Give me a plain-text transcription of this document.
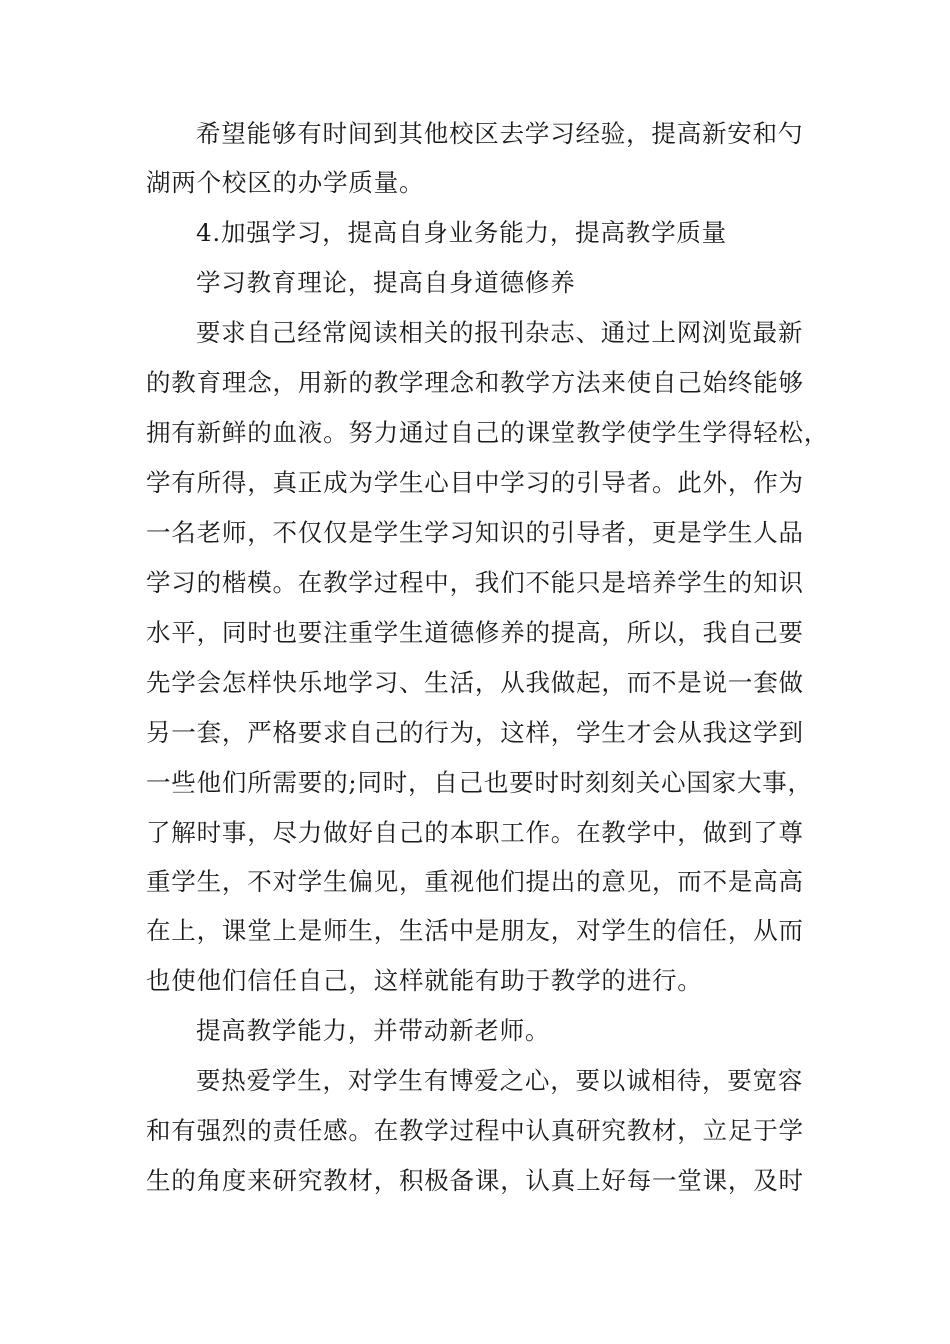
希望能够有时间到其他校区去学习经验，提高新安和勺
湖两个校区的办学质量。
4.加强学习，提高自身业务能力，提高教学质量
学习教育理论，提高自身道德修养
要求自己经常阅读相关的报刊杂志、通过上网浏览最新
的教育理念，用新的教学理念和教学方法来使自己始终能够
拥有新鲜的血液。努力通过自己的课堂教学使学生学得轻松，
学有所得，真正成为学生心目中学习的引导者。此外，作为
一名老师，不仅仅是学生学习知识的引导者，更是学生人品
学习的楷模。在教学过程中，我们不能只是培养学生的知识
水平，同时也要注重学生道德修养的提高，所以，我自己要
先学会怎样快乐地学习、生活，从我做起，而不是说一套做
另一套，严格要求自己的行为，这样，学生才会从我这学到
一些他们所需要的;同时，自己也要时时刻刻关心国家大事，
了解时事，尽力做好自己的本职工作。在教学中，做到了尊
重学生，不对学生偏见，重视他们提出的意见，而不是高高
在上，课堂上是师生，生活中是朋友，对学生的信任，从而
也使他们信任自己，这样就能有助于教学的进行。
提高教学能力，并带动新老师。
要热爱学生，对学生有博爱之心，要以诚相待，要宽容
和有强烈的责任感。在教学过程中认真研究教材，立足于学
生的角度来研究教材，积极备课，认真上好每一堂课，及时
